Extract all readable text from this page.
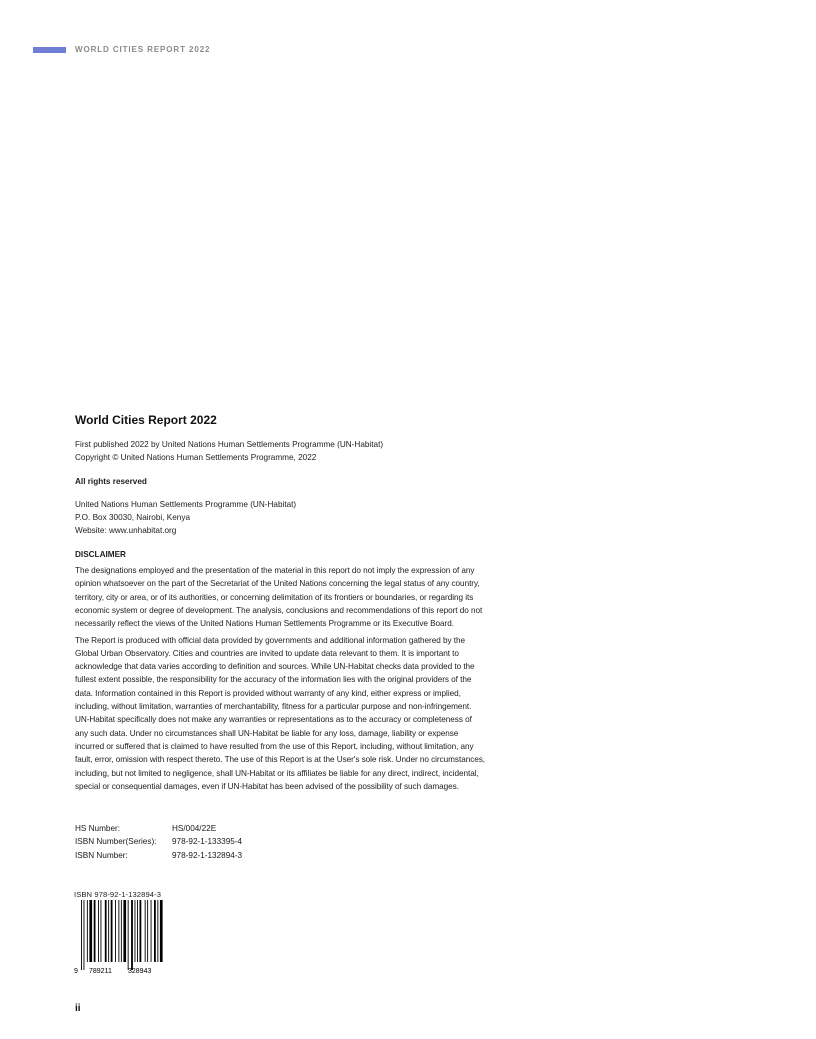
WORLD CITIES REPORT 2022
World Cities Report 2022

First published 2022 by United Nations Human Settlements Programme (UN-Habitat)

Copyright © United Nations Human Settlements Programme, 2022

All rights reserved

United Nations Human Settlements Programme (UN-Habitat)

P.O. Box 30030, Nairobi, Kenya

Website: www.unhabitat.org

DISCLAIMER

The designations employed and the presentation of the material in this report do not imply the expression of any opinion whatsoever on the part of the Secretariat of the United Nations concerning the legal status of any country, territory, city or area, or of its authorities, or concerning delimitation of its frontiers or boundaries, or regarding its economic system or degree of development. The analysis, conclusions and recommendations of this report do not necessarily reflect the views of the United Nations Human Settlements Programme or its Executive Board.

The Report is produced with official data provided by governments and additional information gathered by the Global Urban Observatory. Cities and countries are invited to update data relevant to them. It is important to acknowledge that data varies according to definition and sources. While UN-Habitat checks data provided to the fullest extent possible, the responsibility for the accuracy of the information lies with the original providers of the data. Information contained in this Report is provided without warranty of any kind, either express or implied, including, without limitation, warranties of merchantability, fitness for a particular purpose and non-infringement. UN-Habitat specifically does not make any warranties or representations as to the accuracy or completeness of any such data. Under no circumstances shall UN-Habitat be liable for any loss, damage, liability or expense incurred or suffered that is claimed to have resulted from the use of this Report, including, without limitation, any fault, error, omission with respect thereto. The use of this Report is at the User's sole risk. Under no circumstances, including, but not limited to negligence, shall UN-Habitat or its affiliates be liable for any direct, indirect, incidental, special or consequential damages, even if UN-Habitat has been advised of the possibility of such damages.

HS Number:	HS/004/22E
ISBN Number(Series):	978-92-1-133395-4
ISBN Number:	978-92-1-132894-3
ISBN 978-92-1-132894-3
9 789211 328943
ii
